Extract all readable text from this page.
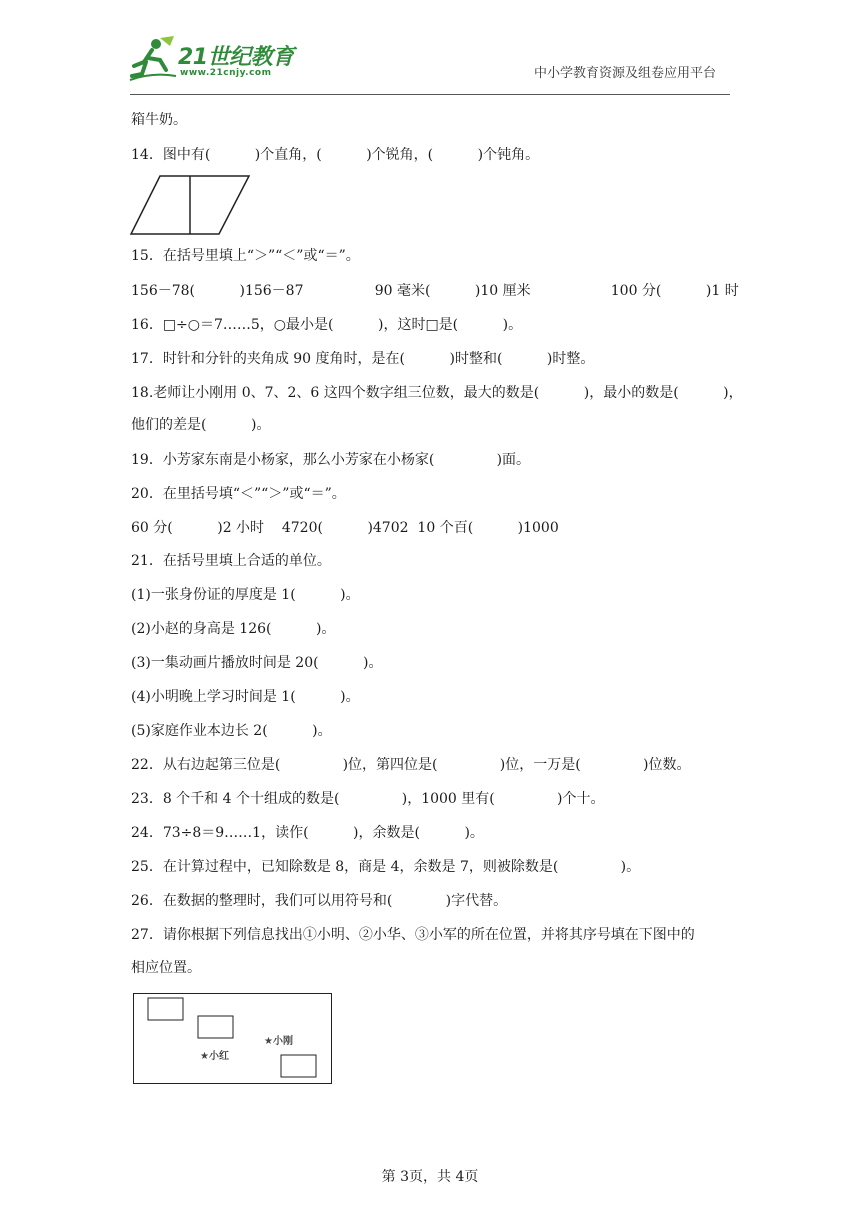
21世纪教育
www.21cnjy.com	中小学教育资源及组卷应用平台
箱牛奶。
14．图中有(          )个直角，(          )个锐角，(          )个钝角。
15．在括号里填上“＞”“＜”或“＝”。
156－78(          )156－87                90 毫米(          )10 厘米                  100 分(          )1 时
16．□÷○＝7……5，○最小是(          )，这时□是(          )。
17．时针和分针的夹角成 90 度角时，是在(          )时整和(          )时整。
18.老师让小刚用 0、7、2、6 这四个数字组三位数，最大的数是(          )，最小的数是(          )，
他们的差是(          )。
19．小芳家东南是小杨家，那么小芳家在小杨家(              )面。
20．在里括号填“＜”“＞”或“＝”。
60 分(          )2 小时    4720(          )4702  10 个百(          )1000
21．在括号里填上合适的单位。
(1)一张身份证的厚度是 1(          )。
(2)小赵的身高是 126(          )。
(3)一集动画片播放时间是 20(          )。
(4)小明晚上学习时间是 1(          )。
(5)家庭作业本边长 2(          )。
22．从右边起第三位是(              )位，第四位是(              )位，一万是(              )位数。
23．8 个千和 4 个十组成的数是(              )，1000 里有(              )个十。
24．73÷8＝9……1，读作(          )，余数是(          )。
25．在计算过程中，已知除数是 8，商是 4，余数是 7，则被除数是(              )。
26．在数据的整理时，我们可以用符号和(            )字代替。
27．请你根据下列信息找出①小明、②小华、③小军的所在位置，并将其序号填在下图中的
相应位置。
★小刚
★小红
第 3页，共 4页
